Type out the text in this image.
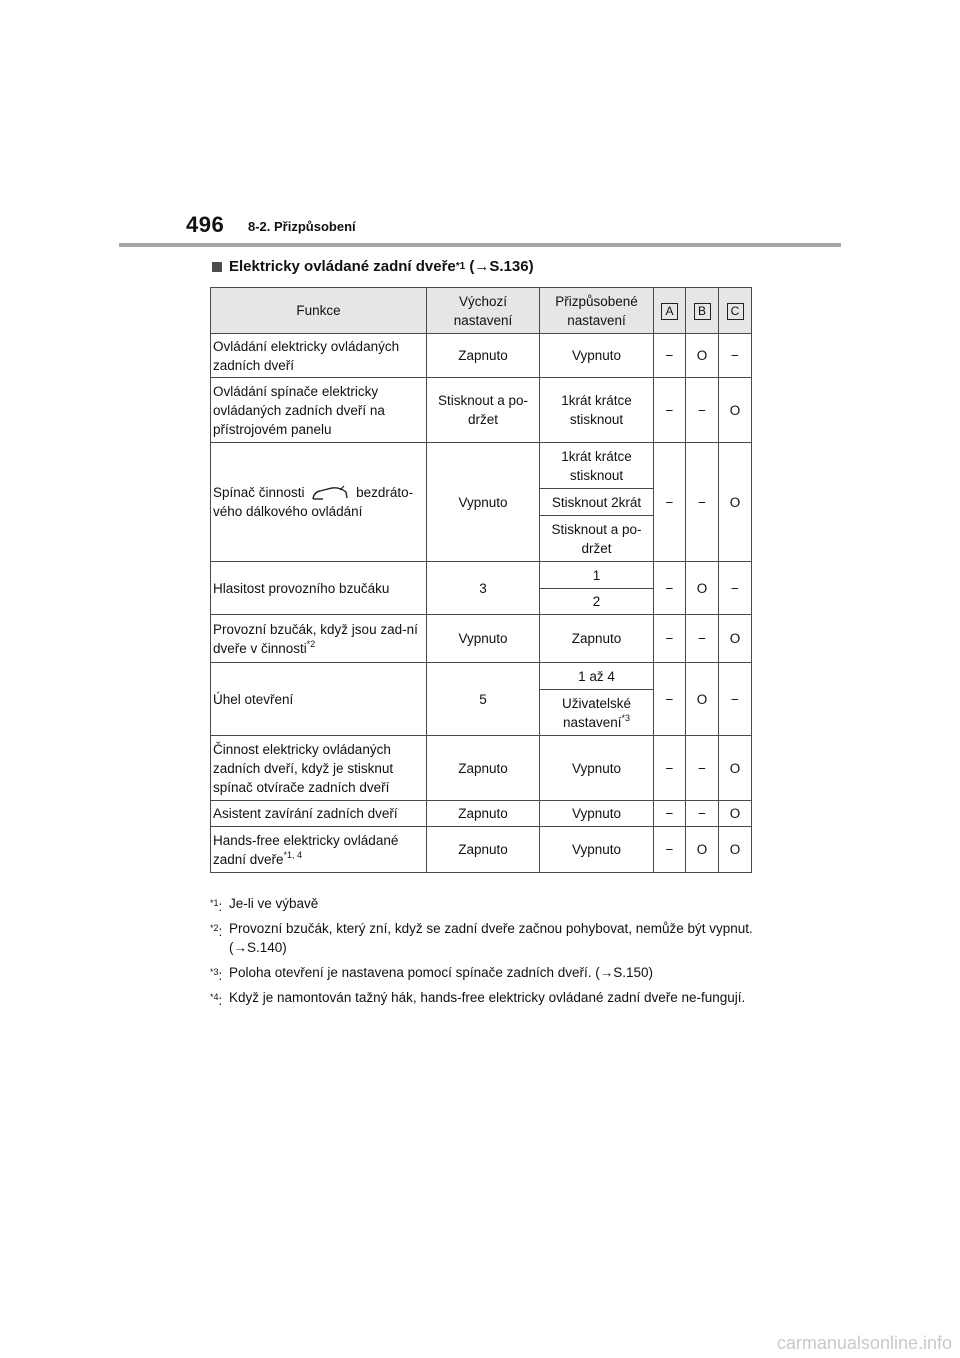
496 8-2. Přizpůsobení
Elektricky ovládané zadní dveře *1
(→S.136)
Funkce	Výchozí nastavení	Přizpůsobené nastavení	A	B	C
Ovládání elektricky ovládaných zadních dveří	Zapnuto	Vypnuto	−	O	−
Ovládání spínače elektricky ovládaných zadních dveří na přístrojovém panelu	Stisknout a po-držet	1krát krátce stisknout	−	−	O
Spínač činnosti bezdráto-vého dálkového ovládání	Vypnuto	1krát krátce stisknout	−	−	O
		Stisknout 2krát			
		Stisknout a po-držet			
Hlasitost provozního bzučáku	3	1	−	O	−
		2			
Provozní bzučák, když jsou zad-ní dveře v činnosti$^{*2}$	Vypnuto	Zapnuto	−	−	O
Úhel otevření	5	1 až 4	−	O	−
		Uživatelské nastavení$^{*3}$
Činnost elektricky ovládaných zadních dveří, když je stisknut spínač otvírače zadních dveří	Zapnuto	Vypnuto	−	−	O
Asistent zavírání zadních dveří	Zapnuto	Vypnuto	−	−	O
Hands-free elektricky ovládané zadní dveře$^{*1, 4}$	Zapnuto	Vypnuto	−	O	O
$^{*1}$: Je-li ve výbavě
$^{*2}$: Provozní bzučák, který zní, když se zadní dveře začnou pohybovat, nemůže být vypnut. (→S.140)
$^{*3}$: Poloha otevření je nastavena pomocí spínače zadních dveří. (→S.150)
$^{*4}$: Když je namontován tažný hák, hands-free elektricky ovládané zadní dveře ne-fungují.
carmanualsonline.info
